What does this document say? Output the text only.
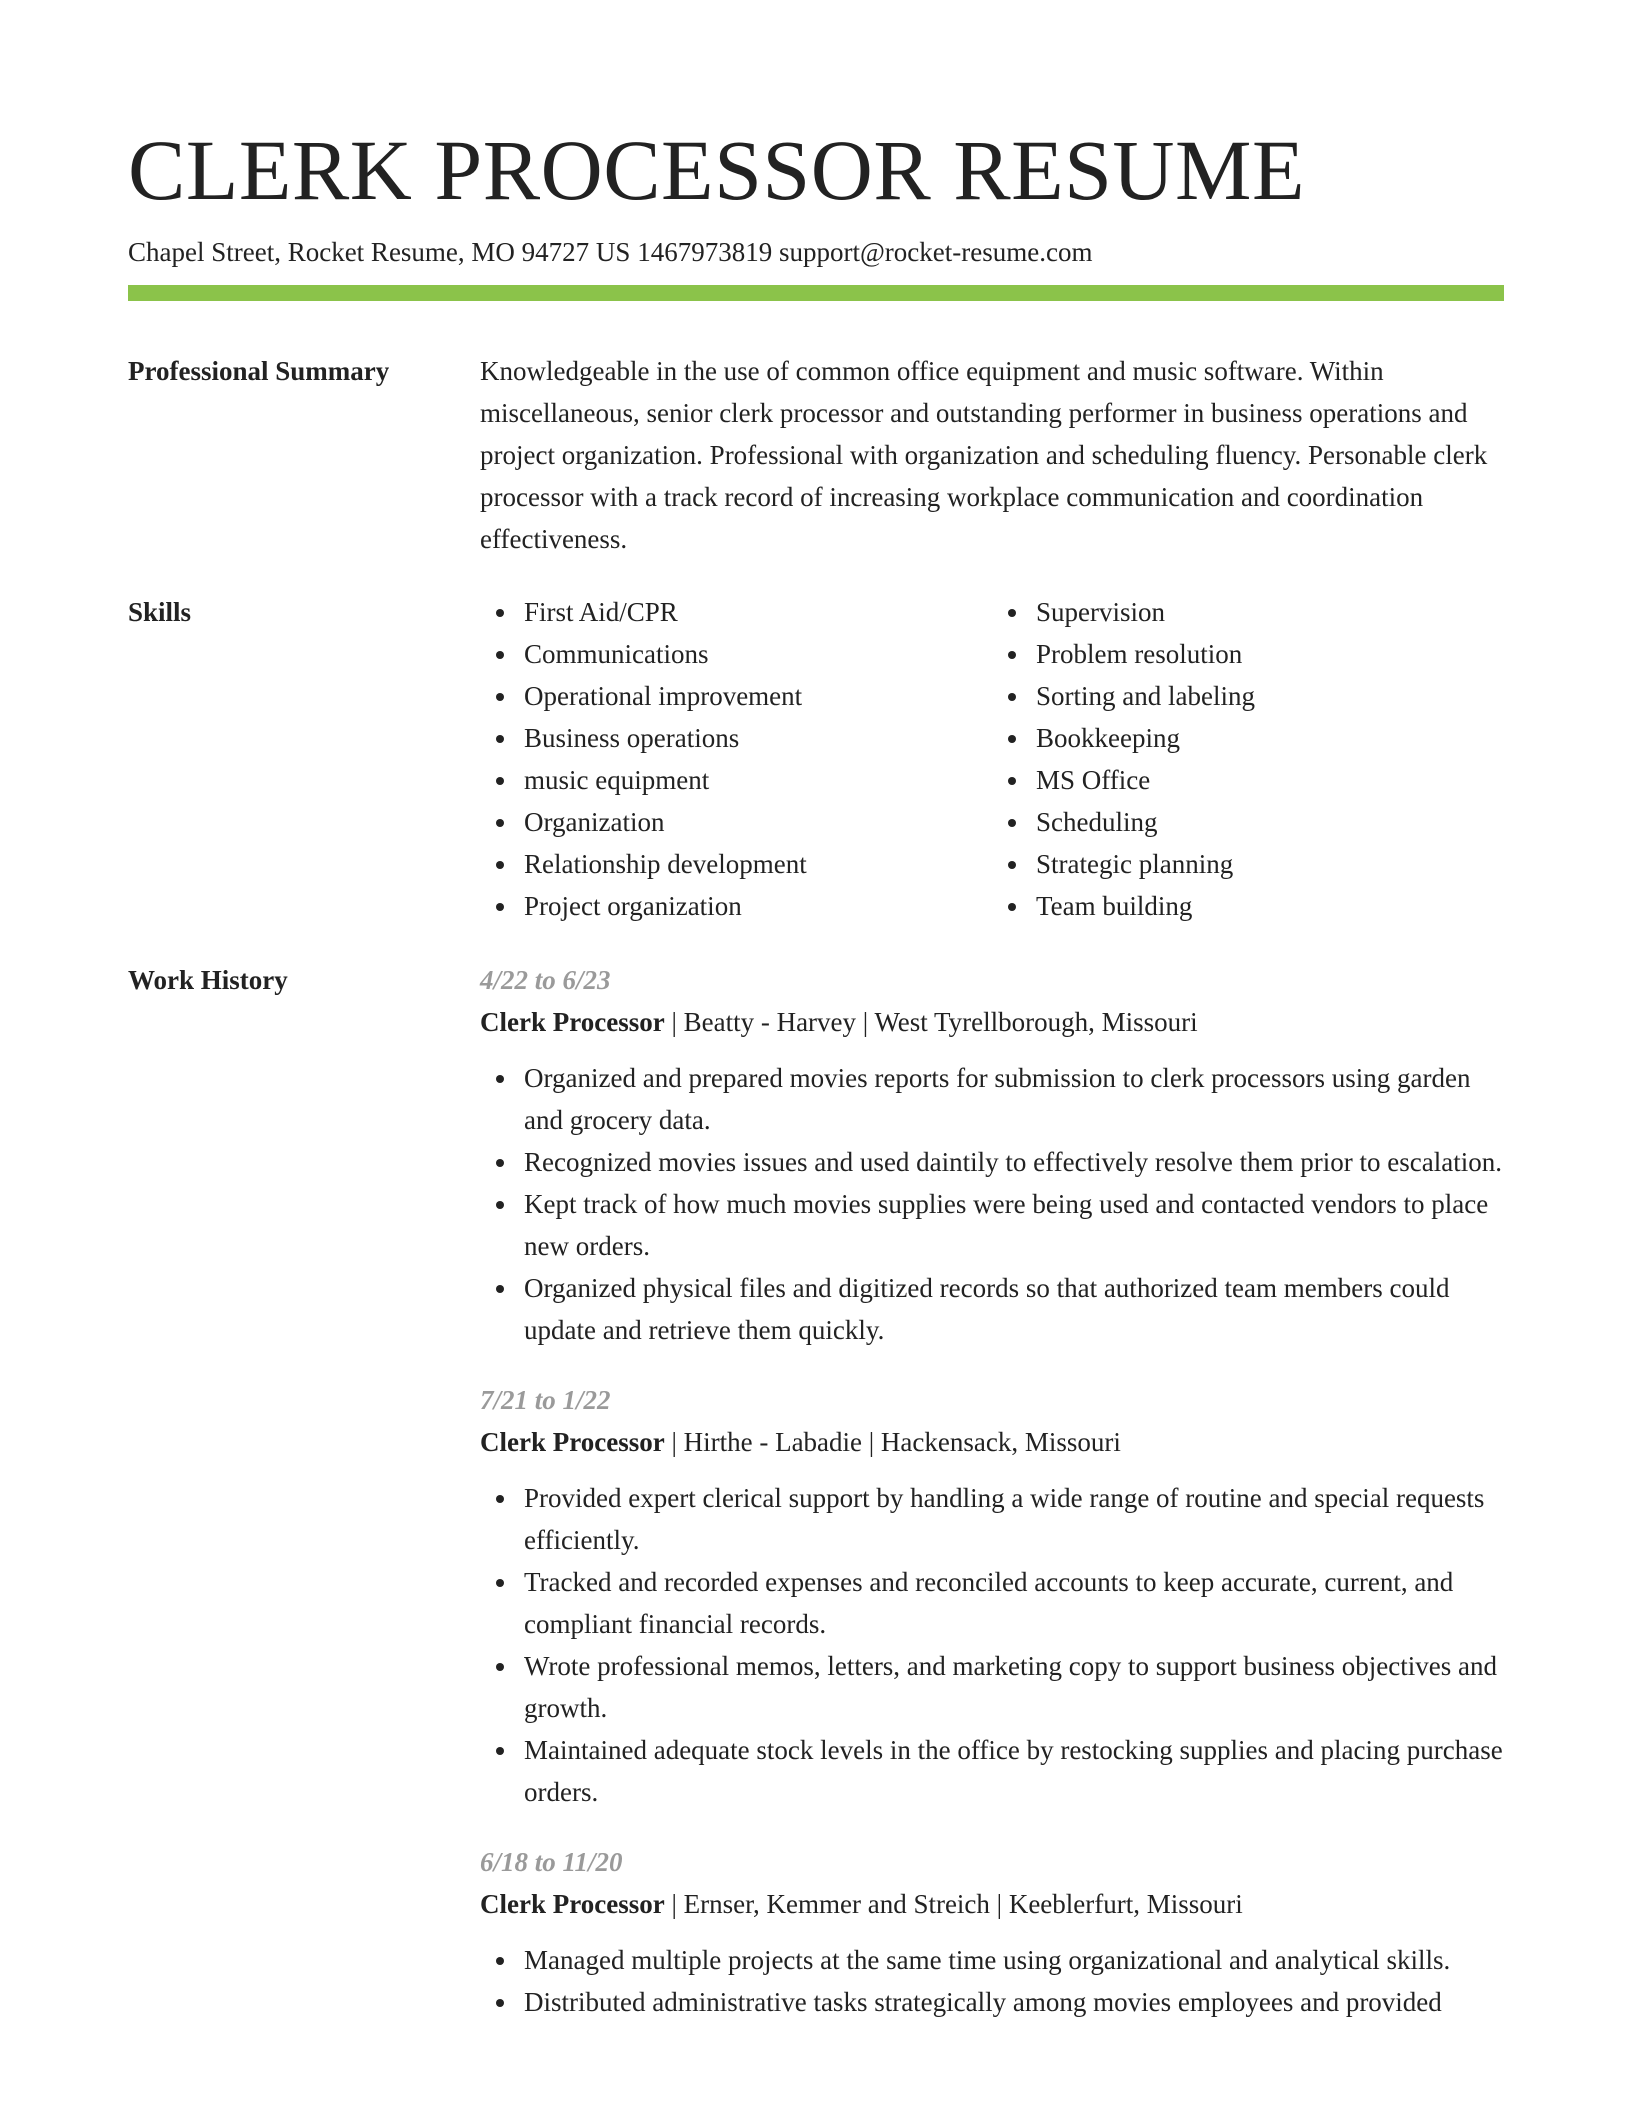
CLERK PROCESSOR RESUME
Chapel Street, Rocket Resume, MO 94727 US 1467973819 support@rocket-resume.com
Professional Summary	Knowledgeable in the use of common office equipment and music software. Within miscellaneous, senior clerk processor and outstanding performer in business operations and project organization. Professional with organization and scheduling fluency. Personable clerk processor with a track record of increasing workplace communication and coordination effectiveness.

Skills	First Aid/CPR
Communications
Operational improvement
Business operations
music equipment
Organization
Relationship development
Project organization
Supervision
Problem resolution
Sorting and labeling
Bookkeeping
MS Office
Scheduling
Strategic planning
Team building
Work History	4/22 to 6/23
Clerk Processor | Beatty - Harvey | West Tyrellborough, Missouri
Organized and prepared movies reports for submission to clerk processors using garden and grocery data.
Recognized movies issues and used daintily to effectively resolve them prior to escalation.
Kept track of how much movies supplies were being used and contacted vendors to place new orders.
Organized physical files and digitized records so that authorized team members could update and retrieve them quickly.
7/21 to 1/22
Clerk Processor | Hirthe - Labadie | Hackensack, Missouri
Provided expert clerical support by handling a wide range of routine and special requests efficiently.
Tracked and recorded expenses and reconciled accounts to keep accurate, current, and compliant financial records.
Wrote professional memos, letters, and marketing copy to support business objectives and growth.
Maintained adequate stock levels in the office by restocking supplies and placing purchase orders.
6/18 to 11/20
Clerk Processor | Ernser, Kemmer and Streich | Keeblerfurt, Missouri
Managed multiple projects at the same time using organizational and analytical skills.
Distributed administrative tasks strategically among movies employees and provided
